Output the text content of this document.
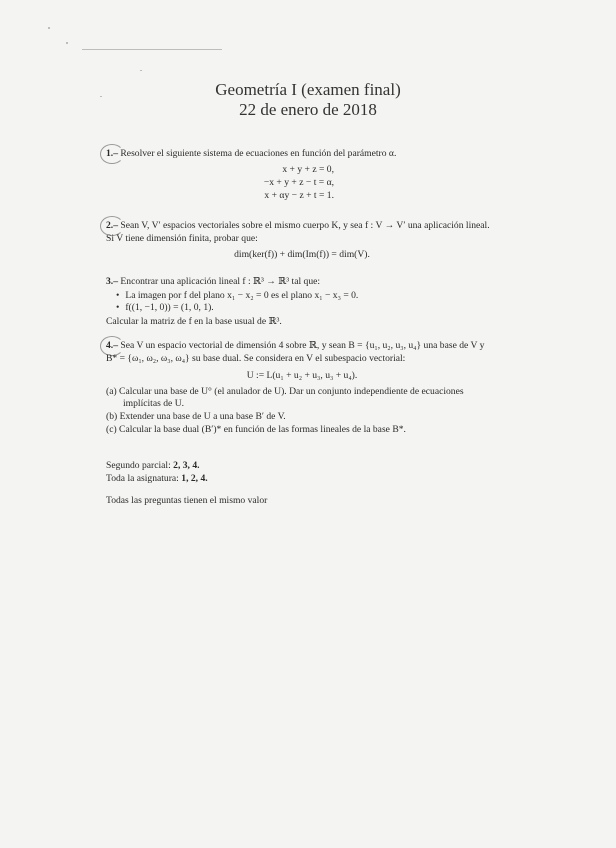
Geometría I (examen final)
22 de enero de 2018
1.– Resolver el siguiente sistema de ecuaciones en función del parámetro α.
x + y + z = 0,
−x + y + z − t = α,
x + αy − z + t = 1.
2.– Sean V, V′ espacios vectoriales sobre el mismo cuerpo K, y sea f : V → V′ una aplicación lineal. Si V tiene dimensión finita, probar que:
dim(ker(f)) + dim(Im(f)) = dim(V).
3.– Encontrar una aplicación lineal f : ℝ³ → ℝ³ tal que:
• La imagen por f del plano x₁ − x₂ = 0 es el plano x₁ − x₃ = 0.
• f((1, −1, 0)) = (1, 0, 1).
Calcular la matriz de f en la base usual de ℝ³.
4.– Sea V un espacio vectorial de dimensión 4 sobre ℝ, y sean B = {u₁, u₂, u₃, u₄} una base de V y B* = {ω₁, ω₂, ω₃, ω₄} su base dual. Se considera en V el subespacio vectorial:
U := L(u₁ + u₂ + u₃, u₃ + u₄).
(a) Calcular una base de U° (el anulador de U). Dar un conjunto independiente de ecuaciones implícitas de U.
(b) Extender una base de U a una base B′ de V.
(c) Calcular la base dual (B′)* en función de las formas lineales de la base B*.
Segundo parcial: 2, 3, 4.
Toda la asignatura: 1, 2, 4.
Todas las preguntas tienen el mismo valor
